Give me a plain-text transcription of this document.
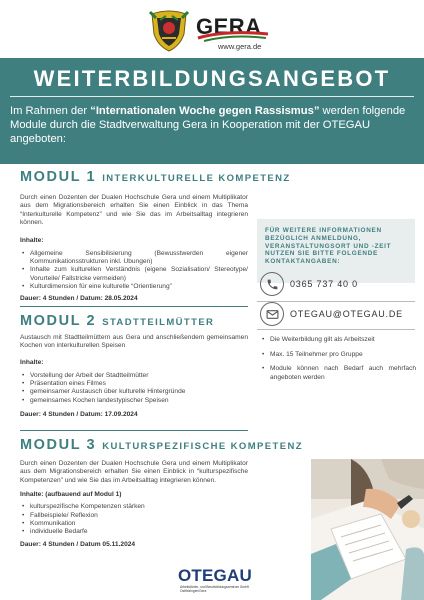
GERA
www.gera.de
WEITERBILDUNGSANGEBOT
Im Rahmen der “Internationalen Woche gegen Rassismus” werden folgende Module durch die Stadtverwaltung Gera in Kooperation mit der OTEGAU angeboten:
MODUL 1 INTERKULTURELLE KOMPETENZ
Durch einen Dozenten der Dualen Hochschule Gera und einem Multiplikator aus dem Migrationsbereich erhalten Sie einen Einblick in das Thema “Interkulturelle Kompetenz” und wie Sie das im Arbeitsalltag integrieren können.
Inhalte:
• Allgemeine Sensibilisierung (Bewusstwerden eigener Kommunikationsstrukturen inkl. Ubungen)
• Inhalte zum kulturellen Verständnis (eigene Sozialisation/ Stereotype/ Vorurteile/ Fallstricke vermeiden)
• Kulturdimension für eine kulturelle “Orientierung”
Dauer: 4 Stunden / Datum: 28.05.2024
MODUL 2 STADTTEILMÜTTER
Austausch mit Stadtteilmüttern aus Gera und anschließendem gemeinsamen Kochen von interkulturellen Speisen
Inhalte:
• Vorstellung der Arbeit der Stadtteilmütter
• Präsentation eines Filmes
• gemeinsamer Austausch über kulturelle Hintergründe
• gemeinsames Kochen landestypischer Speisen
Dauer: 4 Stunden / Datum: 17.09.2024
MODUL 3 KULTURSPEZIFISCHE KOMPETENZ
Durch einen Dozenten der Dualen Hochschule Gera und einem Multiplikator aus dem Migrationsbereich erhalten Sie einen Einblick in “kulturspezifische Kompetenzen” und wie Sie das im Arbeitsalltag integrieren können.
Inhalte: (aufbauend auf Modul 1)
• kulturspezifische Kompetenzen stärken
• Fallbeispiele/ Reflexion
• Kommunikation
• individuelle Bedarfe
Dauer: 4 Stunden / Datum 05.11.2024
FÜR WEITERE INFORMATIONEN BEZÜGLICH ANMELDUNG, VERANSTALTUNGSORT UND -ZEIT NUTZEN SIE BITTE FOLGENDE KONTAKTANGABEN:
0365 737 40 0
OTEGAU@OTEGAU.DE
• Die Weiterbildung gilt als Arbeitszeit
• Max. 15 Teilnehmer pro Gruppe
• Module können nach Bedarf auch mehrfach angeboten werden
OTEGAU
Arbeitsförder- und Berufsbildungszentrum GmbH Ostthüringen/Gera
